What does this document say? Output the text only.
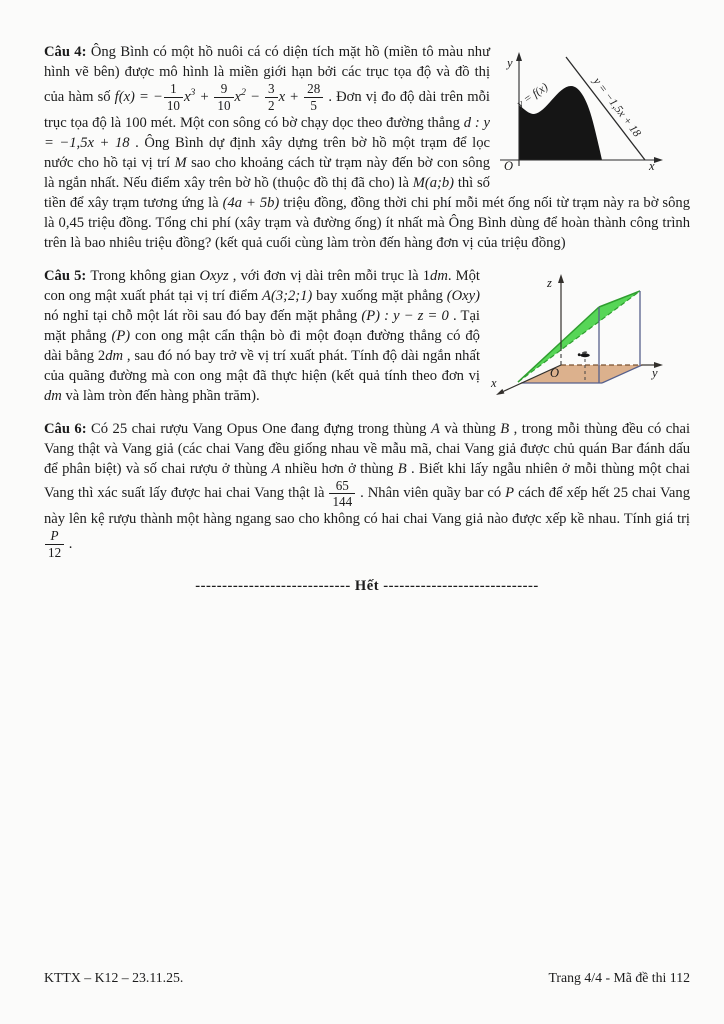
y
x
O
y = f(x)	y = −1,5x + 18
Câu 4: Ông Bình có một hồ nuôi cá có diện tích mặt hồ (miền tô màu như hình vẽ bên) được mô hình là miền giới hạn bởi các trục tọa độ và đồ thị của hàm số f(x) = − $\frac{1}{10} x^3 + \frac{9}{10} x^2 - \frac{3}{2}$ $x + \frac{28}{5}$ . Đơn vị đo độ dài trên mỗi trục tọa độ là 100 mét. Một con sông có bờ chạy dọc theo đường thẳng d : y = −1,5x + 18 . Ông Bình dự định xây dựng trên bờ hồ một trạm để lọc nước cho hồ tại vị trí M sao cho khoảng cách từ trạm này đến bờ con sông là ngắn nhất. Nếu điểm xây trên bờ hồ (thuộc đồ thị đã cho) là M(a;b) thì số tiền để xây trạm tương ứng là (4a + 5b) triệu đồng, đồng thời chi phí mỗi mét ống nối từ trạm này ra bờ sông là 0,45 triệu đồng. Tổng chi phí (xây trạm và đường ống) ít nhất mà Ông Bình dùng để hoàn thành công trình trên là bao nhiêu triệu đồng? (kết quả cuối cùng làm tròn đến hàng đơn vị của triệu đồng)
z
y
x
O
Câu 5: Trong không gian Oxyz , với đơn vị dài trên mỗi trục là 1dm. Một con ong mật xuất phát tại vị trí điểm A(3;2;1) bay xuống mặt phẳng (Oxy) nó nghỉ tại chỗ một lát rồi sau đó bay đến mặt phẳng (P) : y − z = 0 . Tại mặt phẳng (P) con ong mật cẩn thận bò đi một đoạn đường thẳng có độ dài bằng 2dm , sau đó nó bay trở về vị trí xuất phát. Tính độ dài ngắn nhất của quãng đường mà con ong mật đã thực hiện (kết quả tính theo đơn vị dm và làm tròn đến hàng phần trăm).
Câu 6: Có 25 chai rượu Vang Opus One đang đựng trong thùng A và thùng B , trong mỗi thùng đều có chai Vang thật và Vang giả (các chai Vang đều giống nhau về mẫu mã, chai Vang giả được chủ quán Bar đánh dấu để phân biệt) và số chai rượu ở thùng A nhiều hơn ở thùng B . Biết khi lấy ngẫu nhiên ở mỗi thùng một chai Vang thì xác suất lấy được hai chai Vang thật là $\frac{65}{144}$ . Nhân viên quầy bar có P cách để xếp hết 25 chai Vang này lên kệ rượu thành một hàng ngang sao cho không có hai chai Vang giả nào được xếp kề nhau. Tính giá trị
$\frac{P}{12}$ .
----------------------------- Hết -----------------------------
KTTX – K12 – 23.11.25.	Trang 4/4 - Mã đề thi 112
